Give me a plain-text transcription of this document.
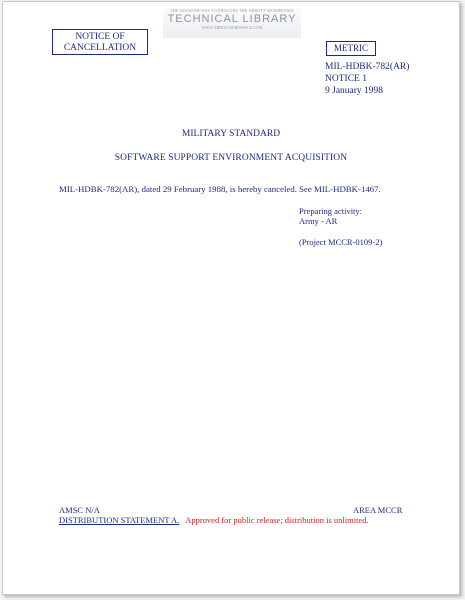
THE SMARTER WAY TO PROCURE THE ABBOTT HANDBOOKS
TECHNICAL LIBRARY
WWW.ABBOTTAEROSPACE.COM
NOTICE OF
CANCELLATION	METRIC
MIL-HDBK-782(AR)
NOTICE 1
9 January 1998
MILITARY STANDARD
SOFTWARE SUPPORT ENVIRONMENT ACQUISITION
MIL-HDBK-782(AR), dated 29 February 1988, is hereby canceled. See MIL-HDBK-1467.
Preparing activity:
Army - AR
(Project MCCR-0109-2)
AMSC N/A	AREA MCCR
DISTRIBUTION STATEMENT A. Approved for public release; distribution is unlimited.
